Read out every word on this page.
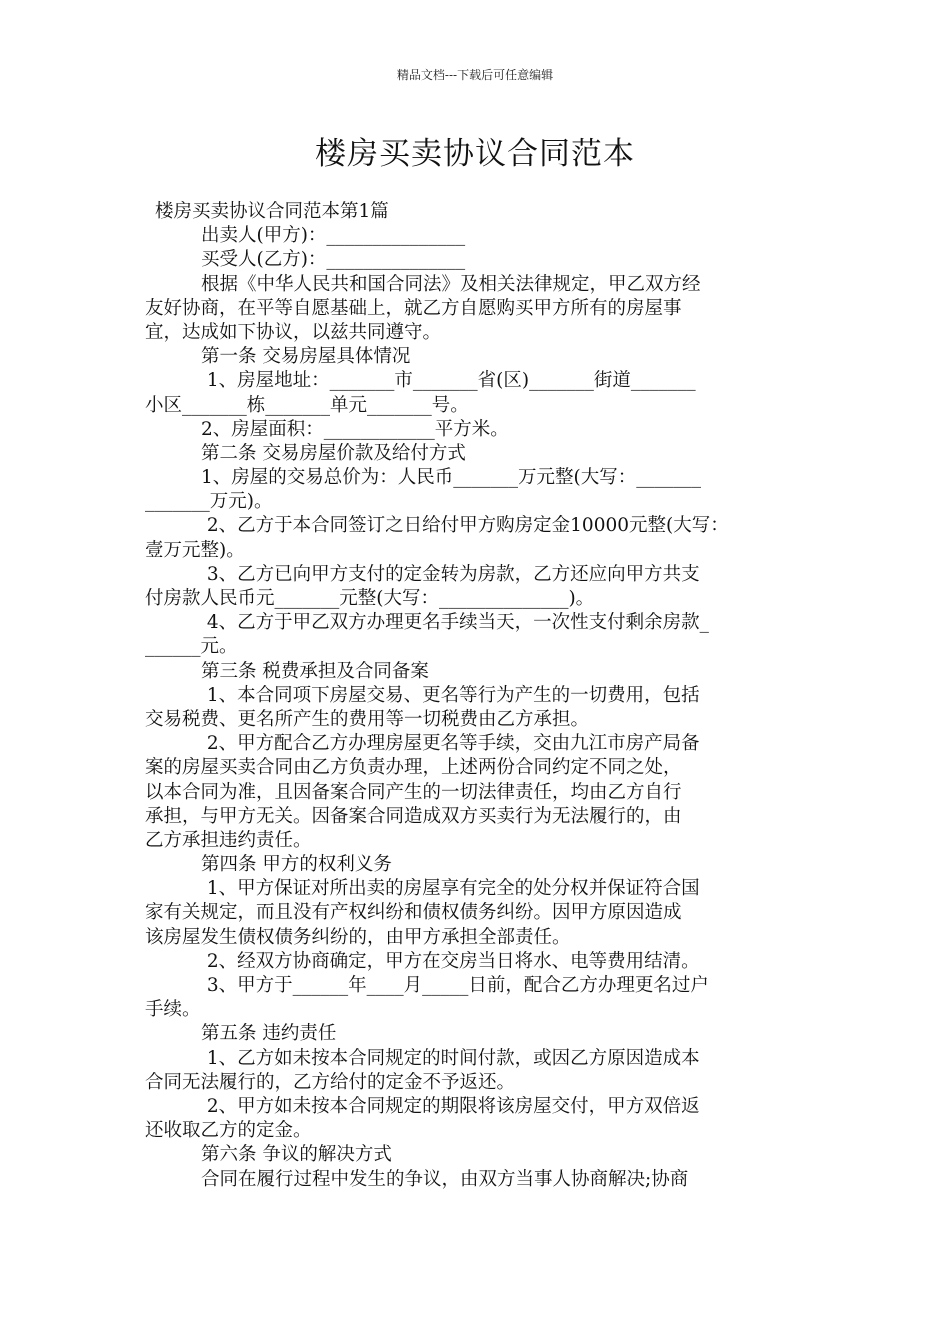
精品文档---下载后可任意编辑
楼房买卖协议合同范本
楼房买卖协议合同范本第1篇
出卖人(甲方)：_______________
买受人(乙方)：_______________
根据《中华人民共和国合同法》及相关法律规定，甲乙双方经
友好协商，在平等自愿基础上，就乙方自愿购买甲方所有的房屋事
宜，达成如下协议，以兹共同遵守。
第一条 交易房屋具体情况
1、房屋地址：_______市_______省(区)_______街道_______
小区_______栋_______单元_______号。
2、房屋面积：____________平方米。
第二条 交易房屋价款及给付方式
1、房屋的交易总价为：人民币_______万元整(大写：_______
_______万元)。
2、乙方于本合同签订之日给付甲方购房定金10000元整(大写：
壹万元整)。
3、乙方已向甲方支付的定金转为房款，乙方还应向甲方共支
付房款人民币元_______元整(大写：______________)。
4、乙方于甲乙双方办理更名手续当天，一次性支付剩余房款_
______元。
第三条 税费承担及合同备案
1、本合同项下房屋交易、更名等行为产生的一切费用，包括
交易税费、更名所产生的费用等一切税费由乙方承担。
2、甲方配合乙方办理房屋更名等手续，交由九江市房产局备
案的房屋买卖合同由乙方负责办理，上述两份合同约定不同之处，
以本合同为准，且因备案合同产生的一切法律责任，均由乙方自行
承担，与甲方无关。因备案合同造成双方买卖行为无法履行的，由
乙方承担违约责任。
第四条 甲方的权利义务
1、甲方保证对所出卖的房屋享有完全的处分权并保证符合国
家有关规定，而且没有产权纠纷和债权债务纠纷。因甲方原因造成
该房屋发生债权债务纠纷的，由甲方承担全部责任。
2、经双方协商确定，甲方在交房当日将水、电等费用结清。
3、甲方于______年____月_____日前，配合乙方办理更名过户
手续。
第五条 违约责任
1、乙方如未按本合同规定的时间付款，或因乙方原因造成本
合同无法履行的，乙方给付的定金不予返还。
2、甲方如未按本合同规定的期限将该房屋交付，甲方双倍返
还收取乙方的定金。
第六条 争议的解决方式
合同在履行过程中发生的争议，由双方当事人协商解决;协商
